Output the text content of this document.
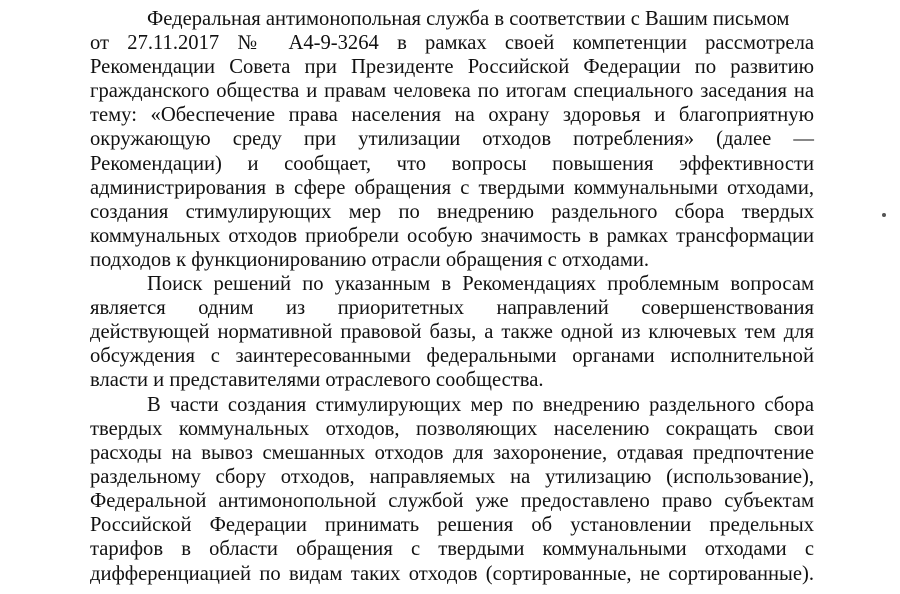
Федеральная антимонопольная служба в соответствии с Вашим письмом
от 27.11.2017 № А4-9-3264 в рамках своей компетенции рассмотрела
Рекомендации Совета при Президенте Российской Федерации по развитию
гражданского общества и правам человека по итогам специального заседания на
тему: «Обеспечение права населения на охрану здоровья и благоприятную
окружающую среду при утилизации отходов потребления» (далее —
Рекомендации) и сообщает, что вопросы повышения эффективности
администрирования в сфере обращения с твердыми коммунальными отходами,
создания стимулирующих мер по внедрению раздельного сбора твердых
коммунальных отходов приобрели особую значимость в рамках трансформации
подходов к функционированию отрасли обращения с отходами.
Поиск решений по указанным в Рекомендациях проблемным вопросам
является одним из приоритетных направлений совершенствования
действующей нормативной правовой базы, а также одной из ключевых тем для
обсуждения с заинтересованными федеральными органами исполнительной
власти и представителями отраслевого сообщества.
В части создания стимулирующих мер по внедрению раздельного сбора
твердых коммунальных отходов, позволяющих населению сокращать свои
расходы на вывоз смешанных отходов для захоронение, отдавая предпочтение
раздельному сбору отходов, направляемых на утилизацию (использование),
Федеральной антимонопольной службой уже предоставлено право субъектам
Российской Федерации принимать решения об установлении предельных
тарифов в области обращения с твердыми коммунальными отходами с
дифференциацией по видам таких отходов (сортированные, не сортированные).
